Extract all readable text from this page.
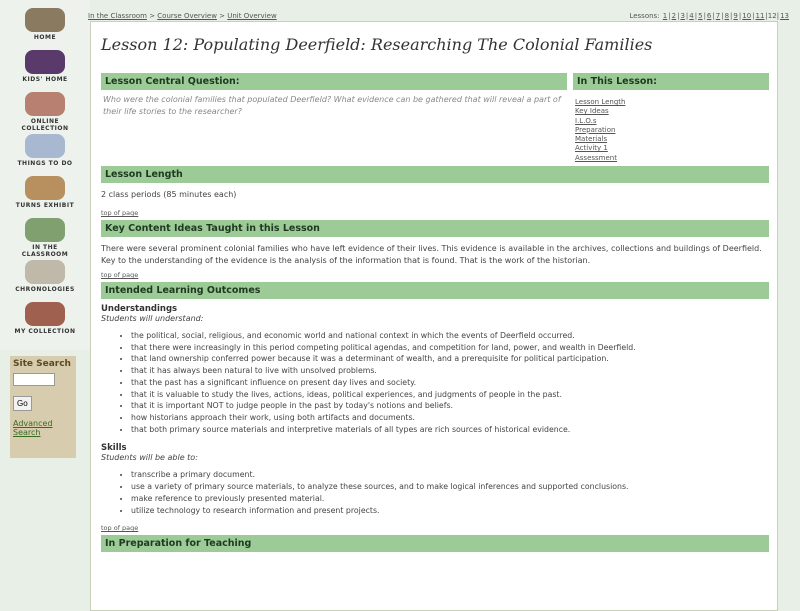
HOME
KIDS' HOME
ONLINE COLLECTION
THINGS TO DO
TURNS EXHIBIT
IN THE CLASSROOM
CHRONOLOGIES
MY COLLECTION
Site Search
Go
Advanced Search
In the Classroom > Course Overview > Unit Overview	Lessons: 1|2|3|4|5|6|7|8|9|10|11|12|13
Lesson 12: Populating Deerfield: Researching The Colonial Families
Lesson Central Question:
Who were the colonial families that populated Deerfield? What evidence can be gathered that will reveal a part of their life stories to the researcher?
In This Lesson:
Lesson Length
Key Ideas
I.L.O.s
Preparation
Materials
Activity 1
Assessment
Lesson Length
2 class periods (85 minutes each)
top of page
Key Content Ideas Taught in this Lesson
There were several prominent colonial families who have left evidence of their lives. This evidence is available in the archives, collections and buildings of Deerfield. Key to the understanding of the evidence is the analysis of the information that is found. That is the work of the historian.
top of page
Intended Learning Outcomes
Understandings
Students will understand:
• the political, social, religious, and economic world and national context in which the events of Deerfield occurred.
• that there were increasingly in this period competing political agendas, and competition for land, power, and wealth in Deerfield.
• that land ownership conferred power because it was a determinant of wealth, and a prerequisite for political participation.
• that it has always been natural to live with unsolved problems.
• that the past has a significant influence on present day lives and society.
• that it is valuable to study the lives, actions, ideas, political experiences, and judgments of people in the past.
• that it is important NOT to judge people in the past by today's notions and beliefs.
• how historians approach their work, using both artifacts and documents.
• that both primary source materials and interpretive materials of all types are rich sources of historical evidence.
Skills
Students will be able to:
• transcribe a primary document.
• use a variety of primary source materials, to analyze these sources, and to make logical inferences and supported conclusions.
• make reference to previously presented material.
• utilize technology to research information and present projects.
top of page
In Preparation for Teaching
